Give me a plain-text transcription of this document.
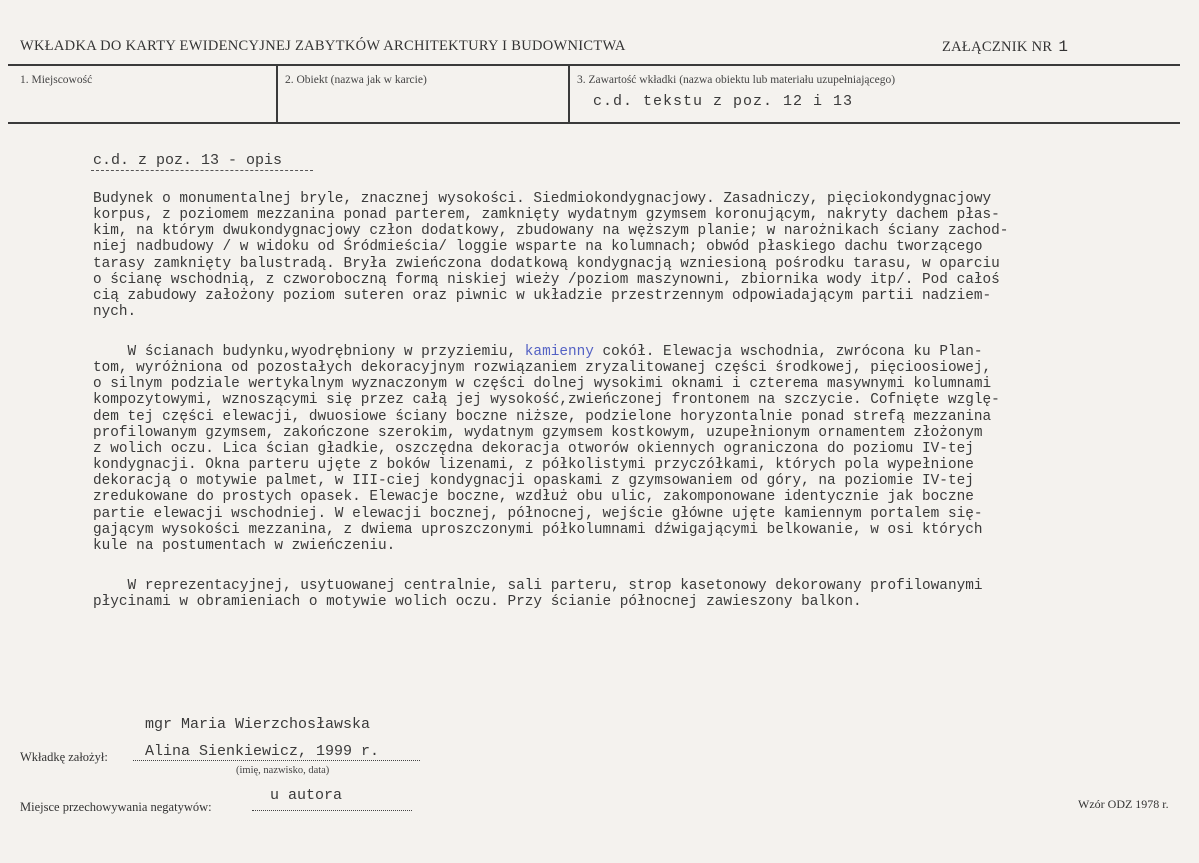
WKŁADKA DO KARTY EWIDENCYJNEJ ZABYTKÓW ARCHITEKTURY I BUDOWNICTWA	ZAŁĄCZNIK NR 1
1. Miejscowość	2. Obiekt (nazwa jak w karcie)	3. Zawartość wkładki (nazwa obiektu lub materiału uzupełniającego)
c.d. tekstu z poz. 12 i 13
c.d. z poz. 13 - opis
Budynek o monumentalnej bryle, znacznej wysokości. Siedmiokondygnacjowy. Zasadniczy, pięciokondygnacjowy
korpus, z poziomem mezzanina ponad parterem, zamknięty wydatnym gzymsem koronującym, nakryty dachem płas-
kim, na którym dwukondygnacjowy człon dodatkowy, zbudowany na węższym planie; w narożnikach ściany zachod-
niej nadbudowy / w widoku od Śródmieścia/ loggie wsparte na kolumnach; obwód płaskiego dachu tworzącego
tarasy zamknięty balustradą. Bryła zwieńczona dodatkową kondygnacją wzniesioną pośrodku tarasu, w oparciu
o ścianę wschodnią, z czworoboczną formą niskiej wieży /poziom maszynowni, zbiornika wody itp/. Pod całoś
cią zabudowy założony poziom suteren oraz piwnic w układzie przestrzennym odpowiadającym partii nadziem-
nych.
W ścianach budynku,wyodrębniony w przyziemiu, kamienny cokół. Elewacja wschodnia, zwrócona ku Plan-
tom, wyróżniona od pozostałych dekoracyjnym rozwiązaniem zryzalitowanej części środkowej, pięcioosiowej,
o silnym podziale wertykalnym wyznaczonym w części dolnej wysokimi oknami i czterema masywnymi kolumnami
kompozytowymi, wznoszącymi się przez całą jej wysokość,zwieńczonej frontonem na szczycie. Cofnięte wzglę-
dem tej części elewacji, dwuosiowe ściany boczne niższe, podzielone horyzontalnie ponad strefą mezzanina
profilowanym gzymsem, zakończone szerokim, wydatnym gzymsem kostkowym, uzupełnionym ornamentem złożonym
z wolich oczu. Lica ścian gładkie, oszczędna dekoracja otworów okiennych ograniczona do poziomu IV-tej
kondygnacji. Okna parteru ujęte z boków lizenami, z półkolistymi przyczółkami, których pola wypełnione
dekoracją o motywie palmet, w III-ciej kondygnacji opaskami z gzymsowaniem od góry, na poziomie IV-tej
zredukowane do prostych opasek. Elewacje boczne, wzdłuż obu ulic, zakomponowane identycznie jak boczne
partie elewacji wschodniej. W elewacji bocznej, północnej, wejście główne ujęte kamiennym portalem się-
gającym wysokości mezzanina, z dwiema uproszczonymi półkolumnami dźwigającymi belkowanie, w osi których
kule na postumentach w zwieńczeniu.
W reprezentacyjnej, usytuowanej centralnie, sali parteru, strop kasetonowy dekorowany profilowanymi
płycinami w obramieniach o motywie wolich oczu. Przy ścianie północnej zawieszony balkon.
mgr Maria Wierzchosławska
Wkładkę założył: Alina Sienkiewicz, 1999 r.
(imię, nazwisko, data)
Miejsce przechowywania negatywów:
u autora	Wzór ODZ 1978 r.
